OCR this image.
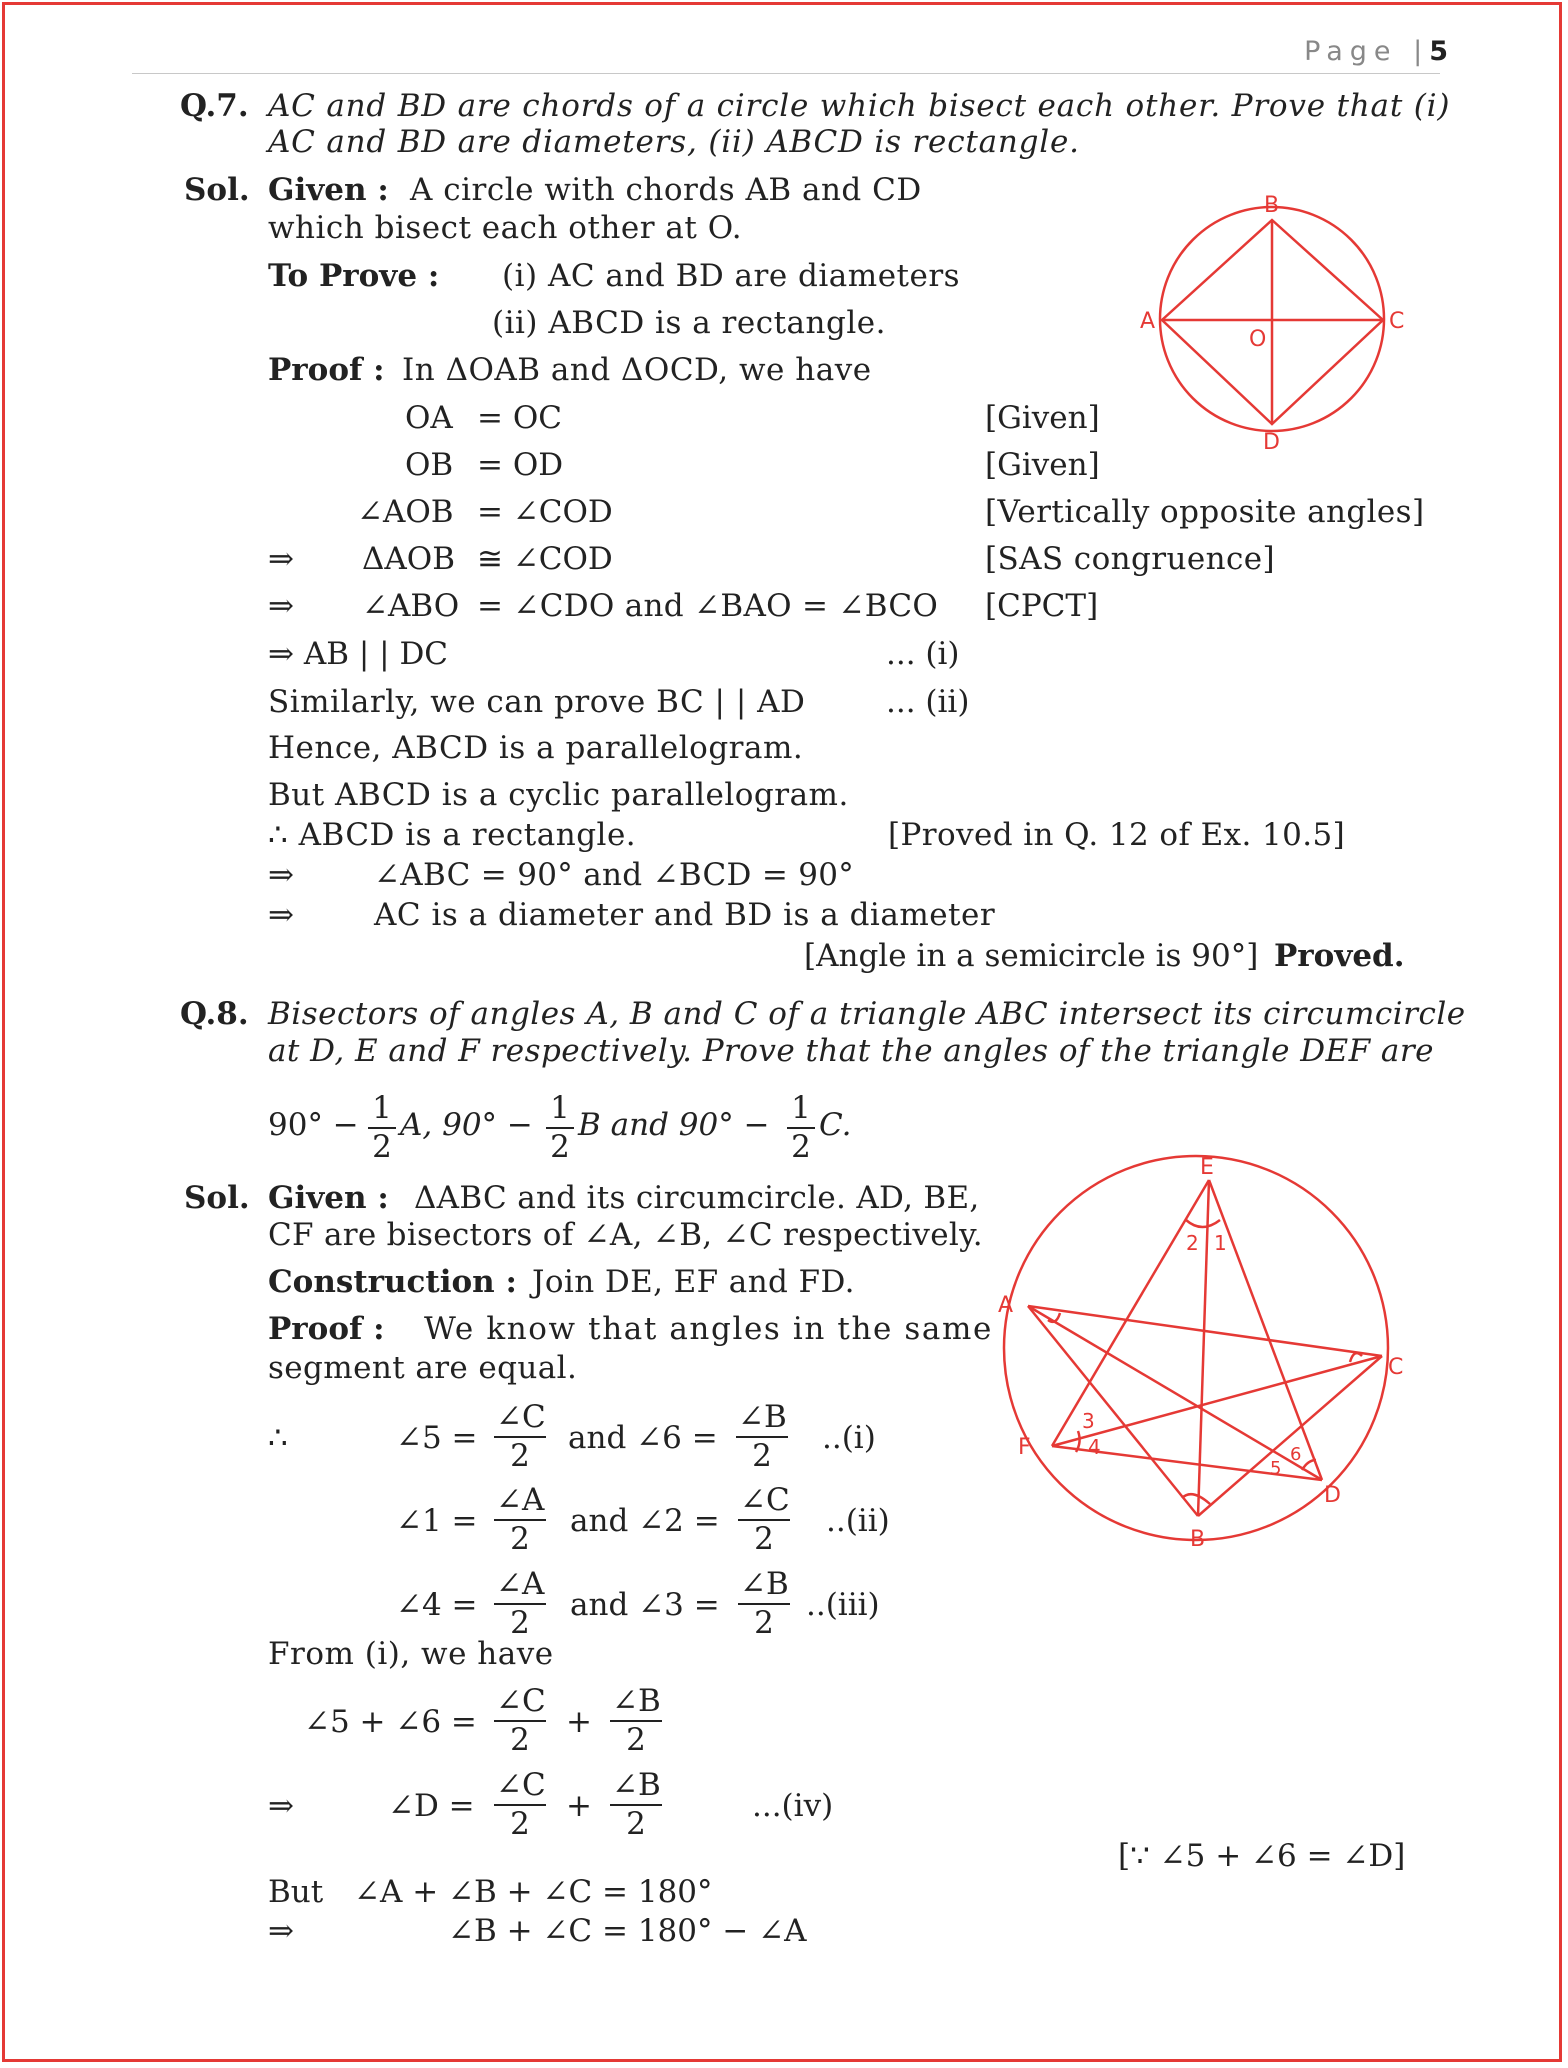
Page |5
Q.7. AC and BD are chords of a circle which bisect each other. Prove that (i)
AC and BD are diameters, (ii) ABCD is rectangle.
Sol. Given : A circle with chords AB and CD
which bisect each other at O.
To Prove : (i) AC and BD are diameters
(ii) ABCD is a rectangle.
Proof : In ΔOAB and ΔOCD, we have
OA = OC	[Given]
OB = OD	[Given]
∠AOB = ∠COD	[Vertically opposite angles]
⇒ ΔAOB ≅ ∠COD	[SAS congruence]
⇒ ∠ABO = ∠CDO and ∠BAO = ∠BCO [CPCT]
⇒ AB | | DC	... (i)
Similarly, we can prove BC | | AD	... (ii)
Hence, ABCD is a parallelogram.
But ABCD is a cyclic parallelogram.
∴ ABCD is a rectangle.	[Proved in Q. 12 of Ex. 10.5]
⇒	∠ABC = 90° and ∠BCD = 90°
⇒	AC is a diameter and BD is a diameter
[Angle in a semicircle is 90°] Proved.
B
A	C
D
O
Q.8. Bisectors of angles A, B and C of a triangle ABC intersect its circumcircle
at D, E and F respectively. Prove that the angles of the triangle DEF are
90° − 1
2
A, 90° − 1
2
B and 90° − 1
2
C.
Sol. Given : ΔABC and its circumcircle. AD, BE,
CF are bisectors of ∠A, ∠B, ∠C respectively.
Construction : Join DE, EF and FD.
Proof : We know that angles in the same
segment are equal.
∴	∠5 =
∠C
2	and ∠6 =
∠B
2	..(i)
∠1 =
∠A
2	and ∠2 =
∠C
2	..(ii)
∠4 =
∠A
2	and ∠3 =
∠B
2	..(iii)
From (i), we have
∠5 + ∠6 =
∠C
2	+
∠B
2
⇒	∠D =
∠C
2	+
∠B
2	...(iv)
[∵ ∠5 + ∠6 = ∠D]
But ∠A + ∠B + ∠C = 180°
⇒	∠B + ∠C = 180° − ∠A
E
A
C
F
B
D
2 1
3
4
5
6
